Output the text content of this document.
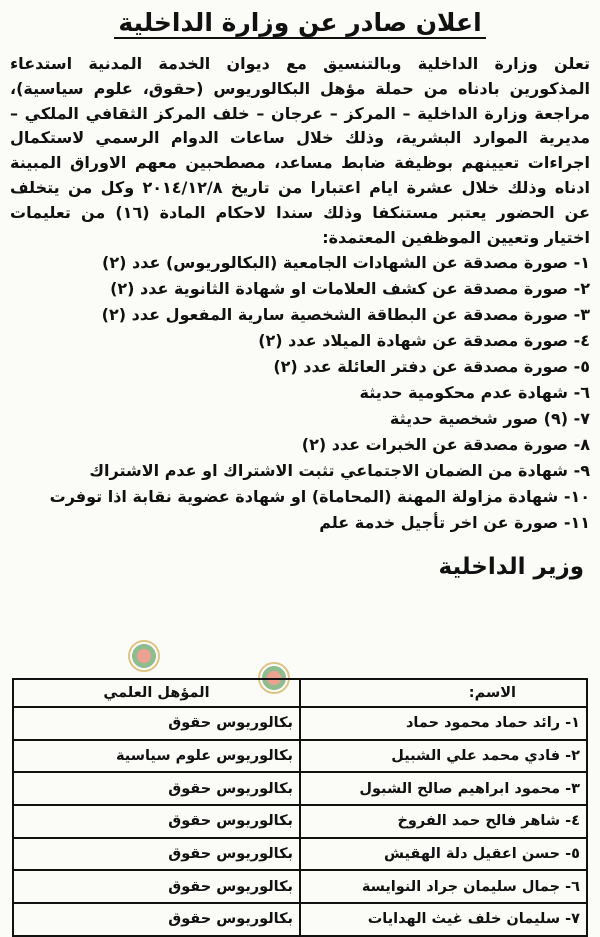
اعلان صادر عن وزارة الداخلية
تعلن وزارة الداخلية وبالتنسيق مع ديوان الخدمة المدنية استدعاء المذكورين بادناه من حملة مؤهل البكالوريوس (حقوق، علوم سياسية)، مراجعة وزارة الداخلية – المركز – عرجان – خلف المركز الثقافي الملكي – مديرية الموارد البشرية، وذلك خلال ساعات الدوام الرسمي لاستكمال اجراءات تعيينهم بوظيفة ضابط مساعد، مصطحبين معهم الاوراق المبينة ادناه وذلك خلال عشرة ايام اعتبارا من تاريخ ٢٠١٤/١٢/٨ وكل من يتخلف عن الحضور يعتبر مستنكفا وذلك سندا لاحكام المادة (١٦) من تعليمات اختيار وتعيين الموظفين المعتمدة:
١- صورة مصدقة عن الشهادات الجامعية (البكالوريوس) عدد (٢)
٢- صورة مصدقة عن كشف العلامات او شهادة الثانوية عدد (٢)
٣- صورة مصدقة عن البطاقة الشخصية سارية المفعول عدد (٢)
٤- صورة مصدقة عن شهادة الميلاد عدد (٢)
٥- صورة مصدقة عن دفتر العائلة عدد (٢)
٦- شهادة عدم محكومية حديثة
٧- (٩) صور شخصية حديثة
٨- صورة مصدقة عن الخبرات عدد (٢)
٩- شهادة من الضمان الاجتماعي تثبت الاشتراك او عدم الاشتراك
١٠- شهادة مزاولة المهنة (المحاماة) او شهادة عضوية نقابة اذا توفرت
١١- صورة عن اخر تأجيل خدمة علم
وزير الداخلية
الاسم:	المؤهل العلمي
١- رائد حماد محمود حماد	بكالوريوس حقوق
٢- فادي محمد علي الشبيل	بكالوريوس علوم سياسية
٣- محمود ابراهيم صالح الشبول	بكالوريوس حقوق
٤- شاهر فالح حمد الفروخ	بكالوريوس حقوق
٥- حسن اعقيل دلة الهقيش	بكالوريوس حقوق
٦- جمال سليمان جراد النوايسة	بكالوريوس حقوق
٧- سليمان خلف غيث الهدايات	بكالوريوس حقوق
